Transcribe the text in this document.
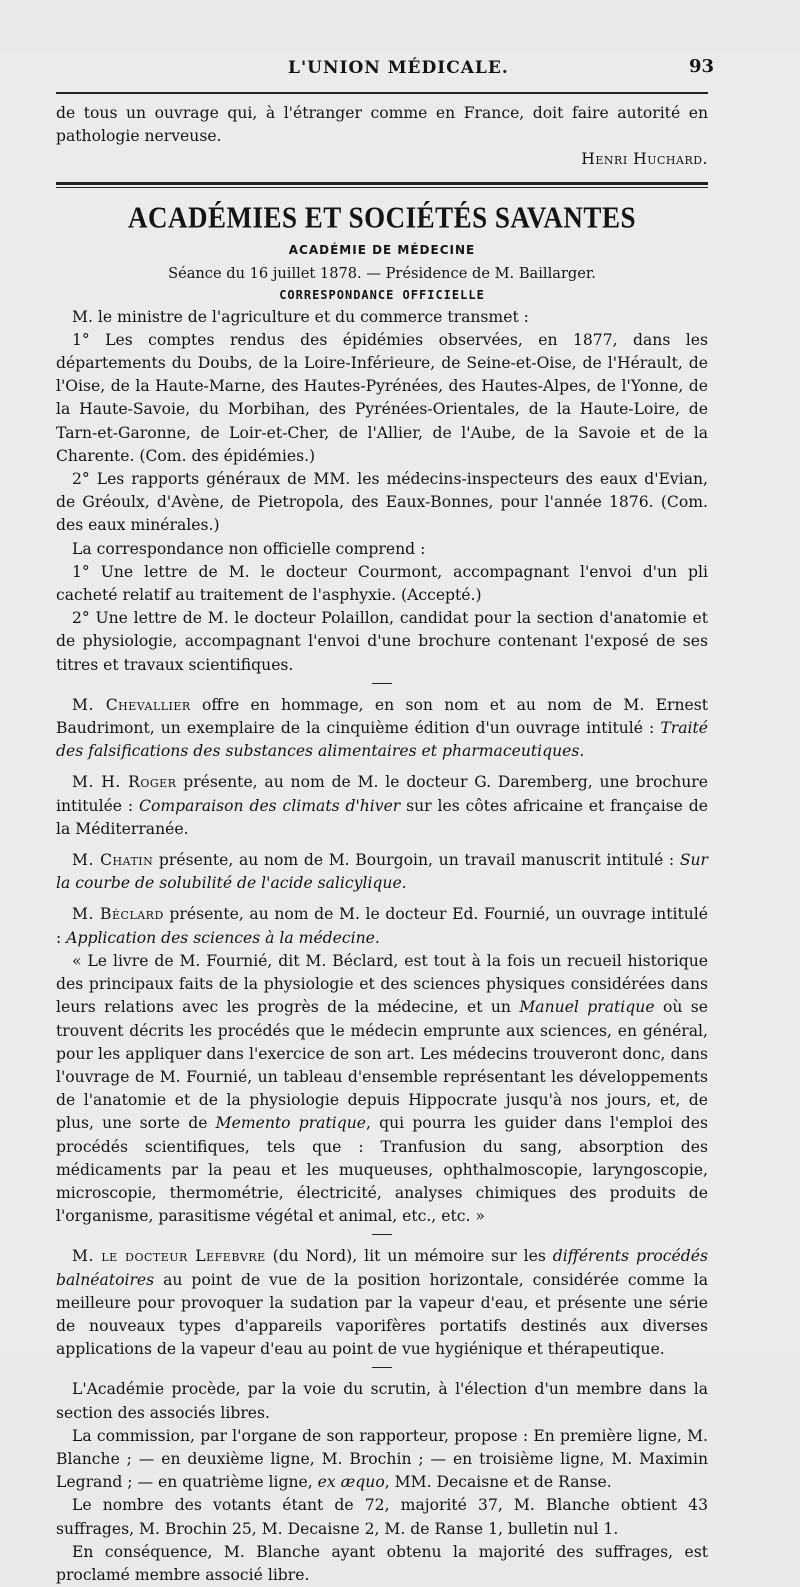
L'UNION MÉDICALE.	93

de tous un ouvrage qui, à l'étranger comme en France, doit faire autorité en pathologie nerveuse.

Henri Huchard.

ACADÉMIES ET SOCIÉTÉS SAVANTES
ACADÉMIE DE MÉDECINE
Séance du 16 juillet 1878. — Présidence de M. Baillarger.
CORRESPONDANCE OFFICIELLE

M. le ministre de l'agriculture et du commerce transmet :

1° Les comptes rendus des épidémies observées, en 1877, dans les départements du Doubs, de la Loire-Inférieure, de Seine-et-Oise, de l'Hérault, de l'Oise, de la Haute-Marne, des Hautes-Pyrénées, des Hautes-Alpes, de l'Yonne, de la Haute-Savoie, du Morbihan, des Pyrénées-Orientales, de la Haute-Loire, de Tarn-et-Garonne, de Loir-et-Cher, de l'Allier, de l'Aube, de la Savoie et de la Charente. (Com. des épidémies.)

2° Les rapports généraux de MM. les médecins-inspecteurs des eaux d'Evian, de Gréoulx, d'Avène, de Pietropola, des Eaux-Bonnes, pour l'année 1876. (Com. des eaux minérales.)

La correspondance non officielle comprend :

1° Une lettre de M. le docteur Courmont, accompagnant l'envoi d'un pli cacheté relatif au traitement de l'asphyxie. (Accepté.)

2° Une lettre de M. le docteur Polaillon, candidat pour la section d'anatomie et de physiologie, accompagnant l'envoi d'une brochure contenant l'exposé de ses titres et travaux scientifiques.

M. Chevallier offre en hommage, en son nom et au nom de M. Ernest Baudrimont, un exemplaire de la cinquième édition d'un ouvrage intitulé : Traité des falsifications des substances alimentaires et pharmaceutiques.

M. H. Roger présente, au nom de M. le docteur G. Daremberg, une brochure intitulée : Comparaison des climats d'hiver sur les côtes africaine et française de la Méditerranée.

M. Chatin présente, au nom de M. Bourgoin, un travail manuscrit intitulé : Sur la courbe de solubilité de l'acide salicylique.

M. Béclard présente, au nom de M. le docteur Ed. Fournié, un ouvrage intitulé : Application des sciences à la médecine.

« Le livre de M. Fournié, dit M. Béclard, est tout à la fois un recueil historique des principaux faits de la physiologie et des sciences physiques considérées dans leurs relations avec les progrès de la médecine, et un Manuel pratique où se trouvent décrits les procédés que le médecin emprunte aux sciences, en général, pour les appliquer dans l'exercice de son art. Les médecins trouveront donc, dans l'ouvrage de M. Fournié, un tableau d'ensemble représentant les développements de l'anatomie et de la physiologie depuis Hippocrate jusqu'à nos jours, et, de plus, une sorte de Memento pratique, qui pourra les guider dans l'emploi des procédés scientifiques, tels que : Tranfusion du sang, absorption des médicaments par la peau et les muqueuses, ophthalmoscopie, laryngoscopie, microscopie, thermométrie, électricité, analyses chimiques des produits de l'organisme, parasitisme végétal et animal, etc., etc. »

M. le docteur Lefebvre (du Nord), lit un mémoire sur les différents procédés balnéatoires au point de vue de la position horizontale, considérée comme la meilleure pour provoquer la sudation par la vapeur d'eau, et présente une série de nouveaux types d'appareils vaporifères portatifs destinés aux diverses applications de la vapeur d'eau au point de vue hygiénique et thérapeutique.

L'Académie procède, par la voie du scrutin, à l'élection d'un membre dans la section des associés libres.

La commission, par l'organe de son rapporteur, propose : En première ligne, M. Blanche ; — en deuxième ligne, M. Brochin ; — en troisième ligne, M. Maximin Legrand ; — en quatrième ligne, ex æquo, MM. Decaisne et de Ranse.

Le nombre des votants étant de 72, majorité 37, M. Blanche obtient 43 suffrages, M. Brochin 25, M. Decaisne 2, M. de Ranse 1, bulletin nul 1.

En conséquence, M. Blanche ayant obtenu la majorité des suffrages, est proclamé membre associé libre.
